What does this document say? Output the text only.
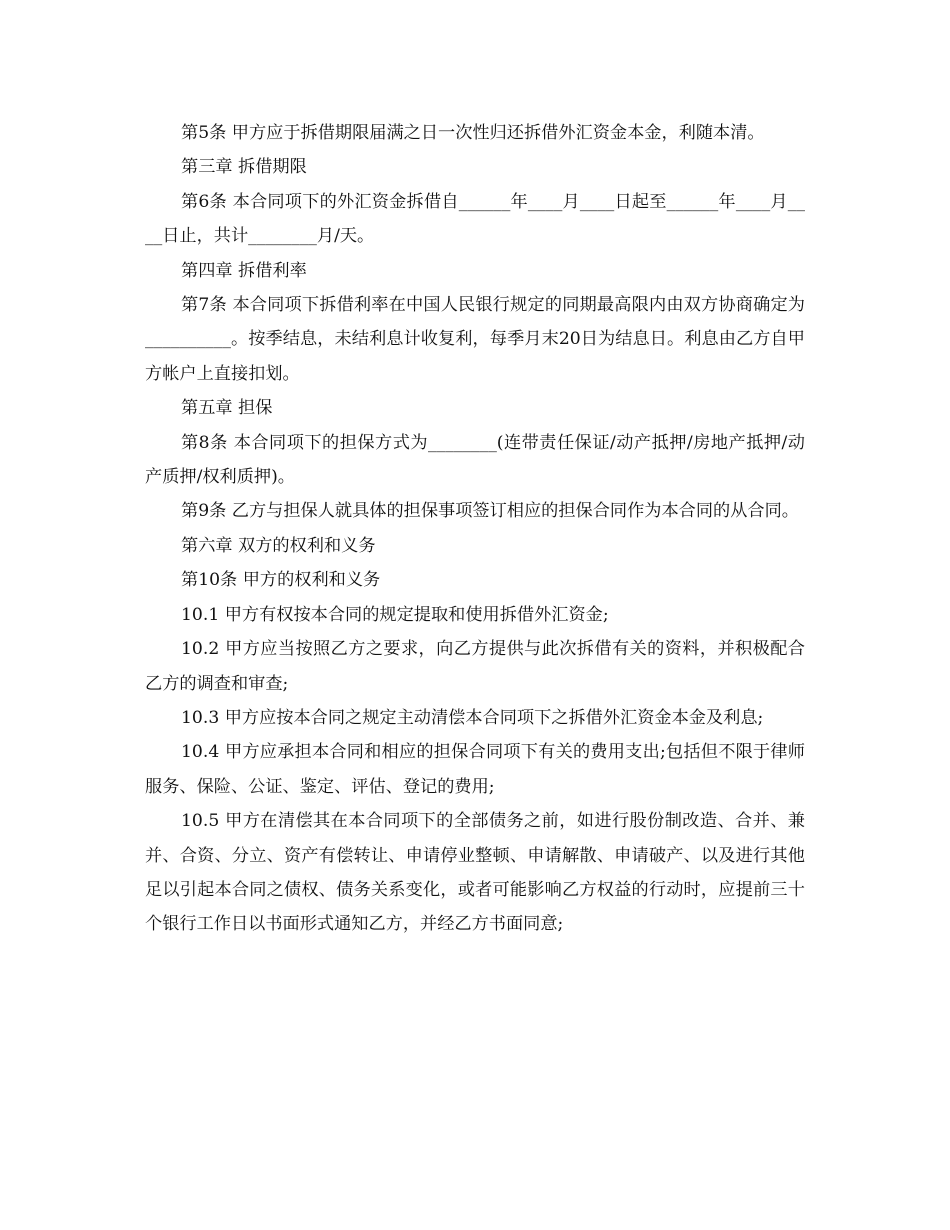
第5条 甲方应于拆借期限届满之日一次性归还拆借外汇资金本金，利随本清。

第三章 拆借期限

第6条 本合同项下的外汇资金拆借自______年____月____日起至______年____月____日止，共计________月/天。

第四章 拆借利率

第7条 本合同项下拆借利率在中国人民银行规定的同期最高限内由双方协商确定为__________。按季结息，未结利息计收复利，每季月末20日为结息日。利息由乙方自甲方帐户上直接扣划。

第五章 担保

第8条 本合同项下的担保方式为________(连带责任保证/动产抵押/房地产抵押/动产质押/权利质押)。

第9条 乙方与担保人就具体的担保事项签订相应的担保合同作为本合同的从合同。

第六章 双方的权利和义务

第10条 甲方的权利和义务

10.1 甲方有权按本合同的规定提取和使用拆借外汇资金;

10.2 甲方应当按照乙方之要求，向乙方提供与此次拆借有关的资料，并积极配合乙方的调查和审查;

10.3 甲方应按本合同之规定主动清偿本合同项下之拆借外汇资金本金及利息;

10.4 甲方应承担本合同和相应的担保合同项下有关的费用支出;包括但不限于律师服务、保险、公证、鉴定、评估、登记的费用;

10.5 甲方在清偿其在本合同项下的全部债务之前，如进行股份制改造、合并、兼并、合资、分立、资产有偿转让、申请停业整顿、申请解散、申请破产、以及进行其他足以引起本合同之债权、债务关系变化，或者可能影响乙方权益的行动时，应提前三十个银行工作日以书面形式通知乙方，并经乙方书面同意;
